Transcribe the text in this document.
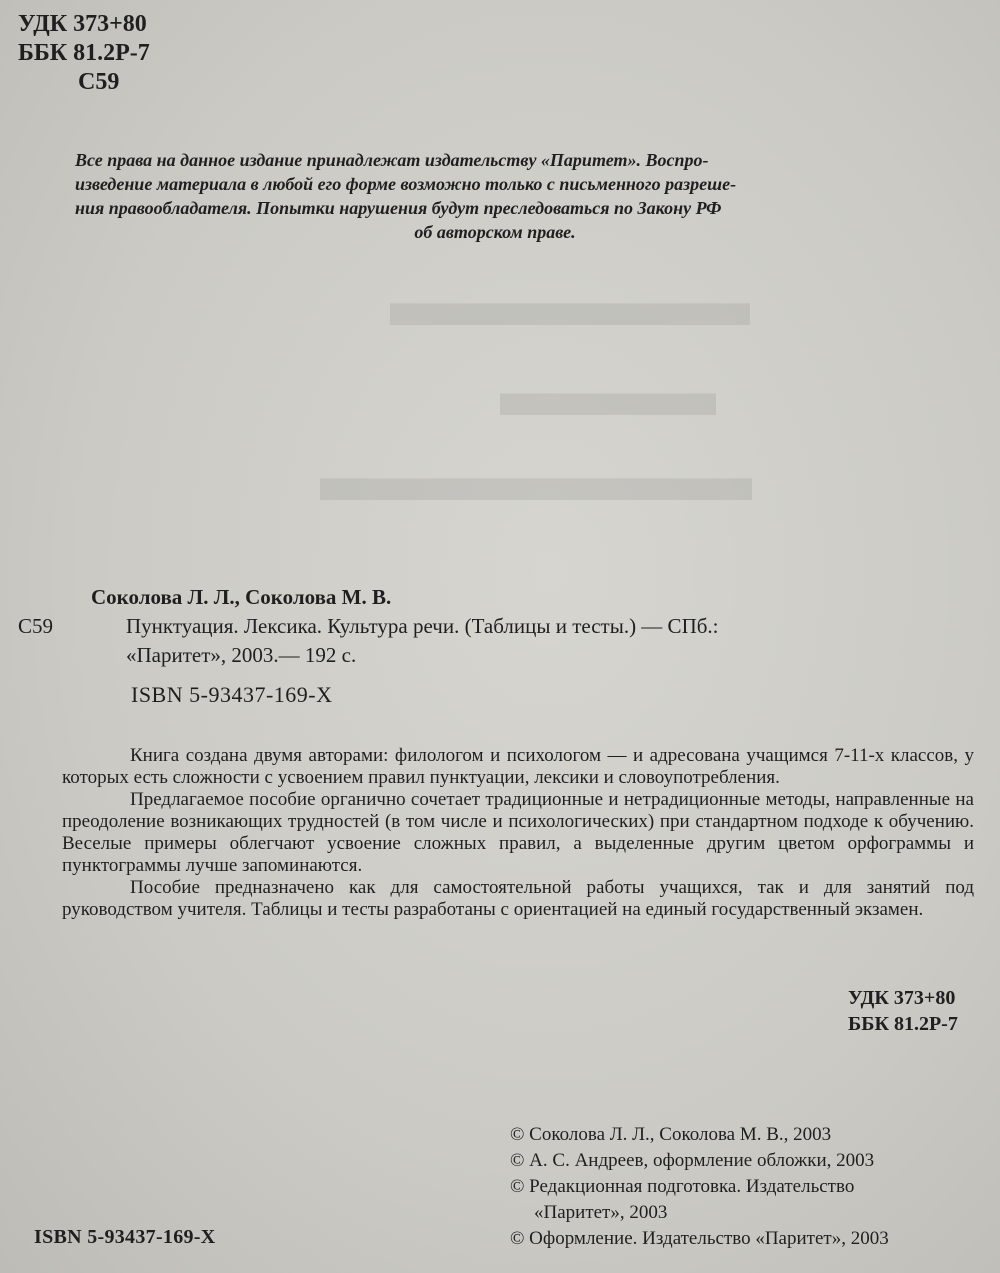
УДК 373+80
ББК 81.2Р-7
С59

Все права на данное издание принадлежат издательству «Паритет». Воспро-

изведение материала в любой его форме возможно только с письменного разреше-

ния правообладателя. Попытки нарушения будут преследоваться по Закону РФ

об авторском праве.

▬▬▬▬▬
▬▬▬
▬▬▬▬▬▬
Соколова Л. Л., Соколова М. В.
С59	Пунктуация. Лексика. Культура речи. (Таблицы и тесты.) — СПб.:
«Паритет», 2003.— 192 с.
ISBN 5-93437-169-X

Книга создана двумя авторами: филологом и психологом — и адресована учащимся 7-11-х классов, у которых есть сложности с усвоением правил пунктуации, лексики и словоупотребления.

Предлагаемое пособие органично сочетает традиционные и нетрадиционные методы, направленные на преодоление возникающих трудностей (в том числе и психологических) при стандартном подходе к обучению. Веселые примеры облегчают усвоение сложных правил, а выделенные другим цветом орфограммы и пунктограммы лучше запоминаются.

Пособие предназначено как для самостоятельной работы учащихся, так и для занятий под руководством учителя. Таблицы и тесты разработаны с ориентацией на единый государственный экзамен.

УДК 373+80
ББК 81.2Р-7
© Соколова Л. Л., Соколова М. В., 2003
© А. С. Андреев, оформление обложки, 2003
© Редакционная подготовка. Издательство
«Паритет», 2003
© Оформление. Издательство «Паритет», 2003
ISBN 5-93437-169-X
